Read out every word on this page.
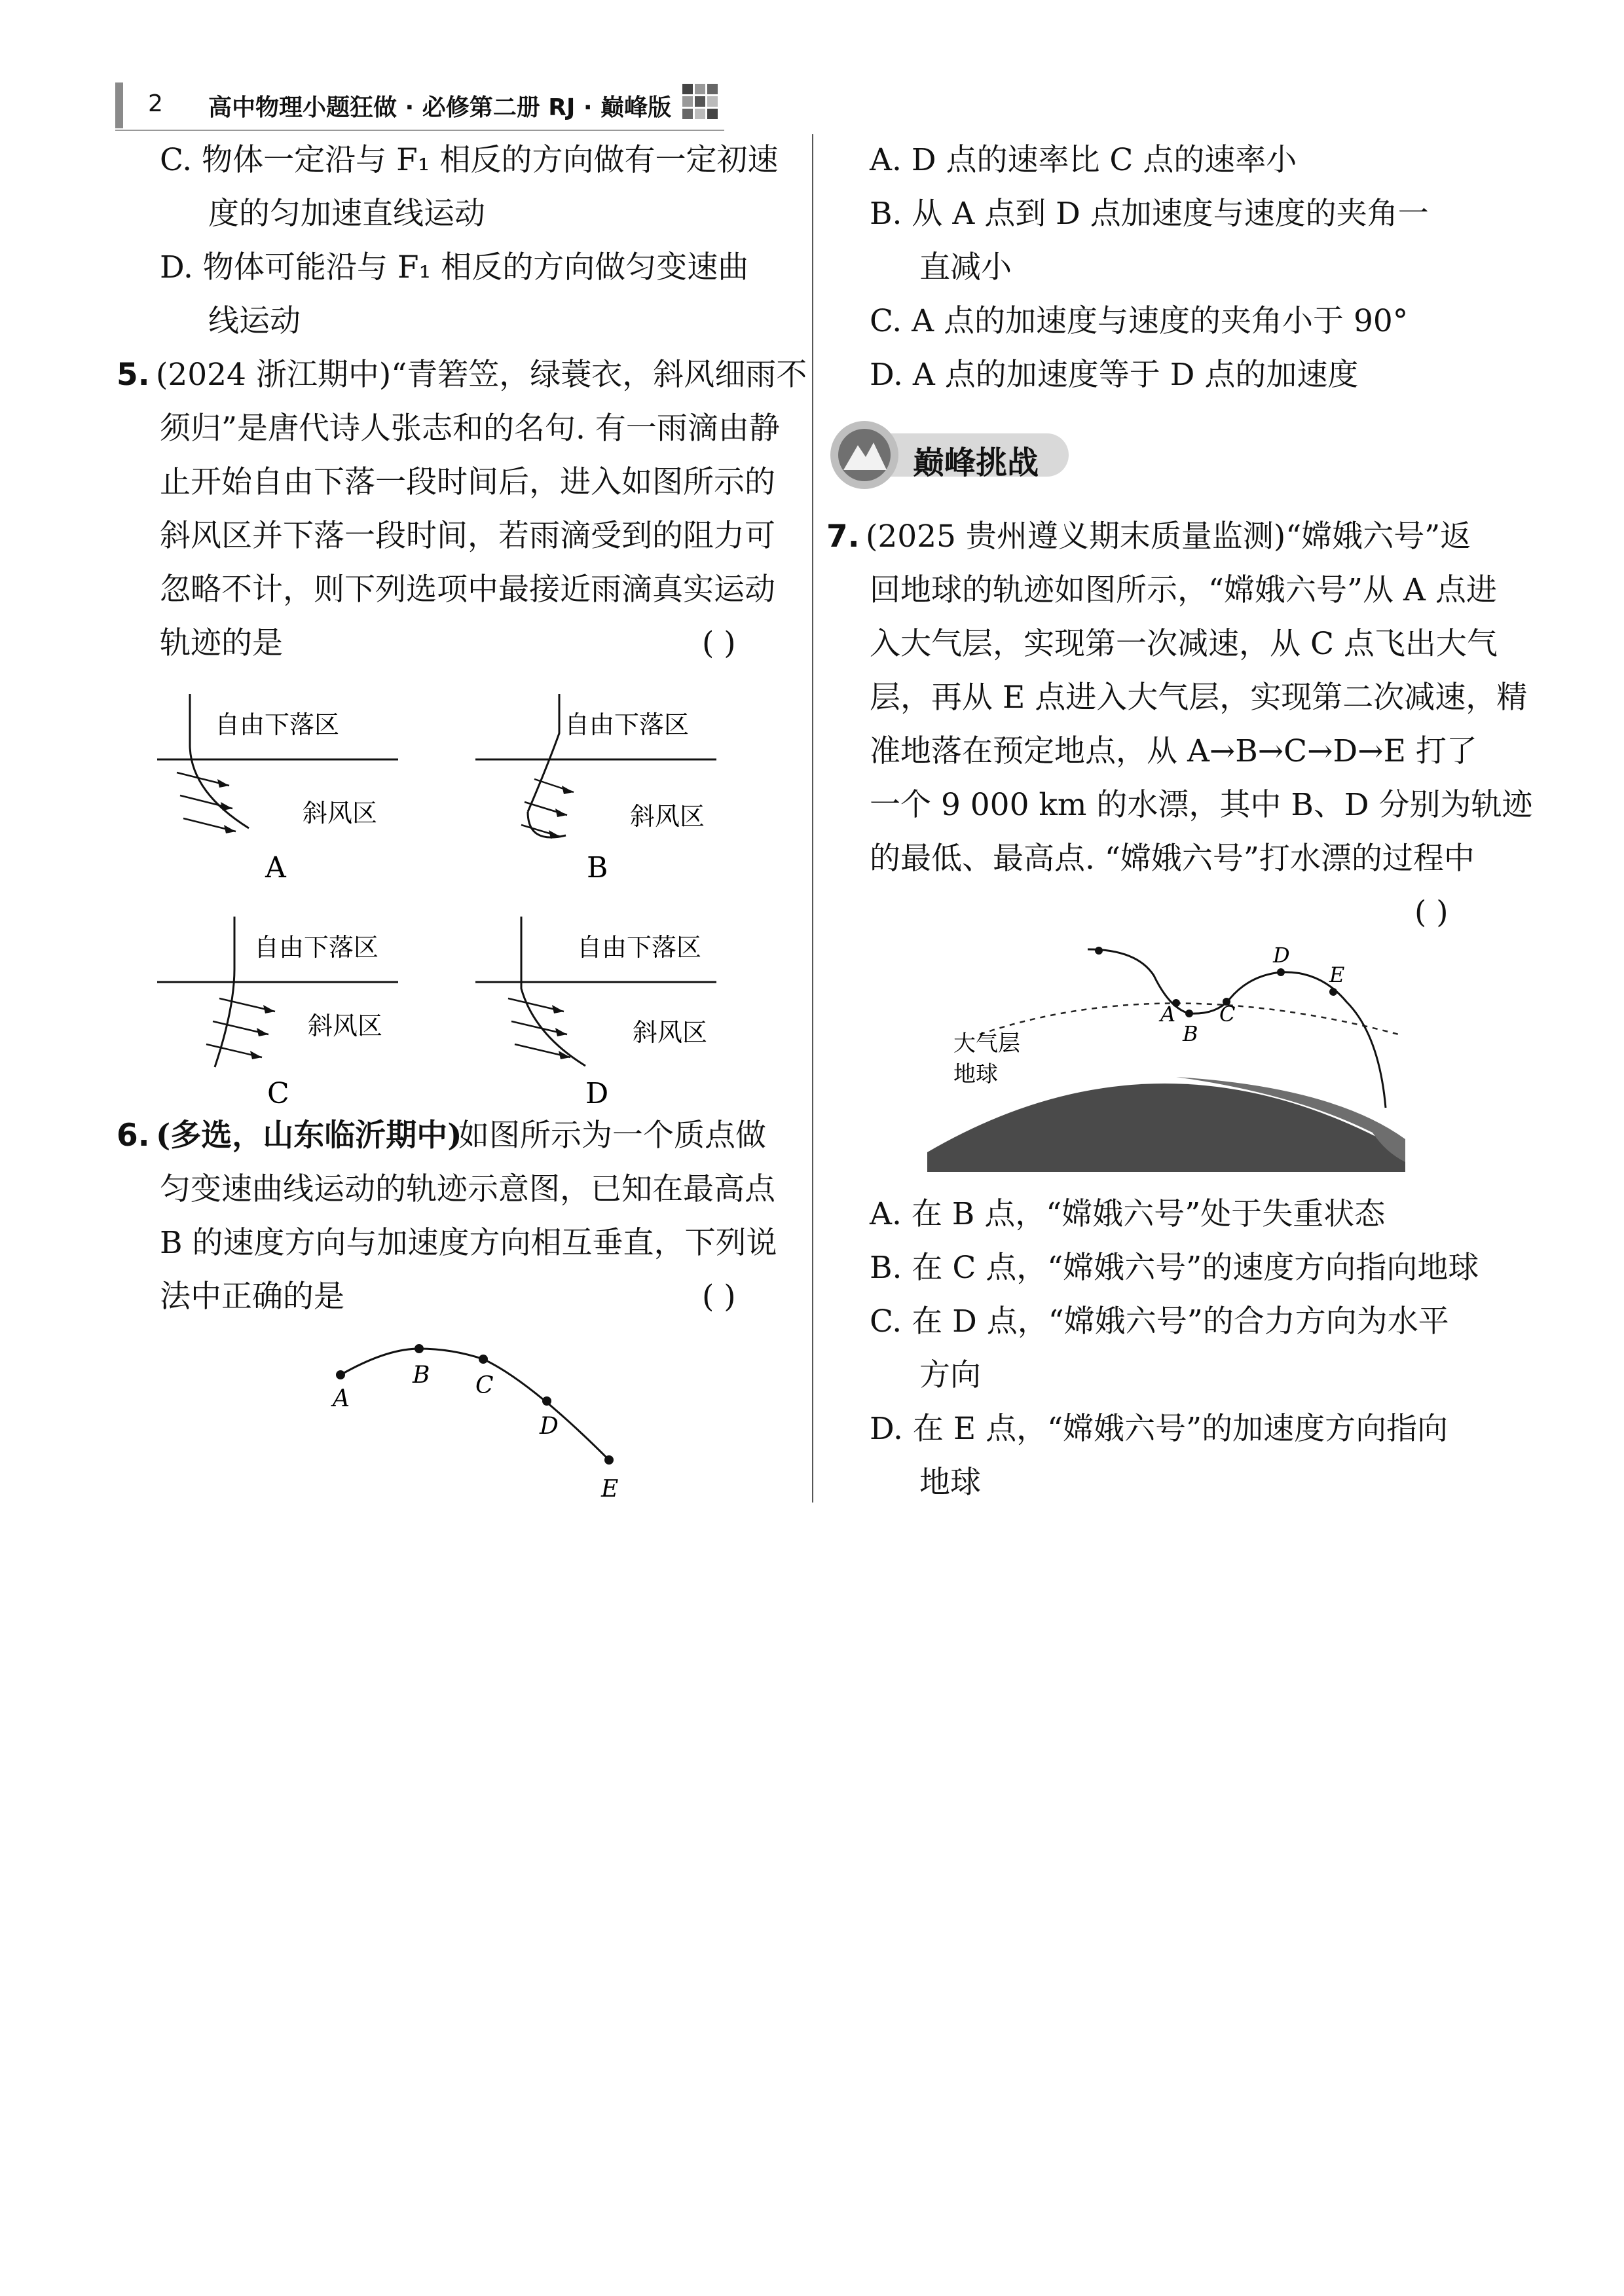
2 高中物理小题狂做 · 必修第二册 RJ · 巅峰版
C. 物体一定沿与 F₁ 相反的方向做有一定初速
度的匀加速直线运动
D. 物体可能沿与 F₁ 相反的方向做匀变速曲
线运动
5. (2024 浙江期中)“青箬笠，绿蓑衣，斜风细雨不
须归”是唐代诗人张志和的名句. 有一雨滴由静
止开始自由下落一段时间后，进入如图所示的
斜风区并下落一段时间，若雨滴受到的阻力可
忽略不计，则下列选项中最接近雨滴真实运动
轨迹的是	( )
自由下落区
斜风区
A
自由下落区
斜风区
B
自由下落区
斜风区
C
自由下落区
斜风区
D
6. (多选，山东临沂期中)
如图所示为一个质点做
匀变速曲线运动的轨迹示意图，已知在最高点
B 的速度方向与加速度方向相互垂直，下列说
法中正确的是	( )
A
B C
D
E
A. D 点的速率比 C 点的速率小
B. 从 A 点到 D 点加速度与速度的夹角一
直减小
C. A 点的加速度与速度的夹角小于 90°
D. A 点的加速度等于 D 点的加速度
巅峰挑战
7. (2025 贵州遵义期末质量监测)“嫦娥六号”返
回地球的轨迹如图所示，“嫦娥六号”从 A 点进
入大气层，实现第一次减速，从 C 点飞出大气
层，再从 E 点进入大气层，实现第二次减速，精
准地落在预定地点，从 A→B→C→D→E 打了
一个 9 000 km 的水漂，其中 B、D 分别为轨迹
的最低、最高点. “嫦娥六号”打水漂的过程中
( )
大气层
地球
A
B
C
D
E
A. 在 B 点，“嫦娥六号”处于失重状态
B. 在 C 点，“嫦娥六号”的速度方向指向地球
C. 在 D 点，“嫦娥六号”的合力方向为水平
方向
D. 在 E 点，“嫦娥六号”的加速度方向指向
地球
